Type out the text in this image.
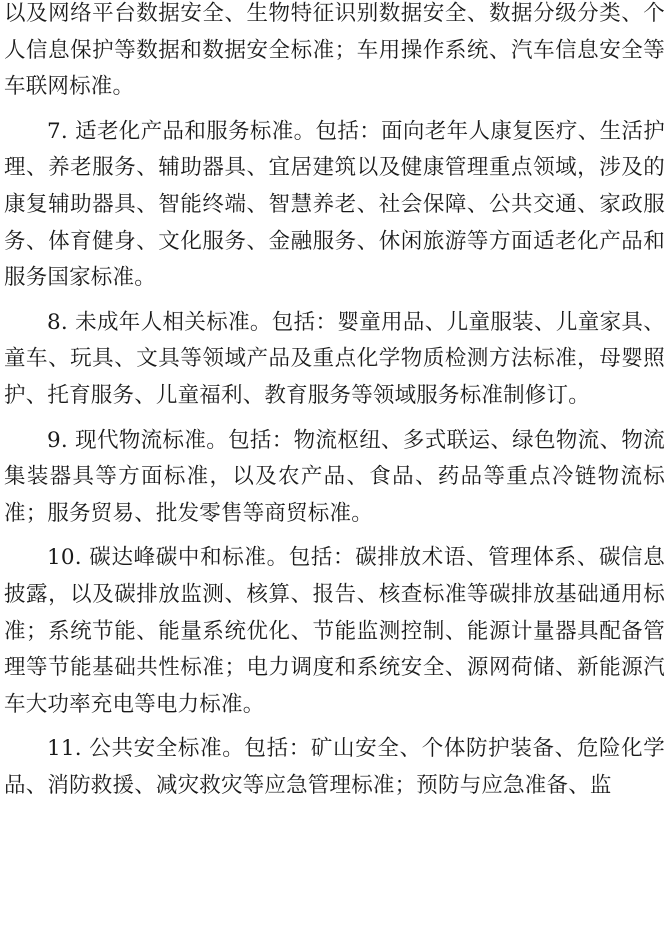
以及网络平台数据安全、生物特征识别数据安全、数据分级分类、个人信息保护等数据和数据安全标准；车用操作系统、汽车信息安全等车联网标准。

7. 适老化产品和服务标准。包括：面向老年人康复医疗、生活护理、养老服务、辅助器具、宜居建筑以及健康管理重点领域，涉及的康复辅助器具、智能终端、智慧养老、社会保障、公共交通、家政服务、体育健身、文化服务、金融服务、休闲旅游等方面适老化产品和服务国家标准。

8. 未成年人相关标准。包括：婴童用品、儿童服装、儿童家具、童车、玩具、文具等领域产品及重点化学物质检测方法标准，母婴照护、托育服务、儿童福利、教育服务等领域服务标准制修订。

9. 现代物流标准。包括：物流枢纽、多式联运、绿色物流、物流集装器具等方面标准，以及农产品、食品、药品等重点冷链物流标准；服务贸易、批发零售等商贸标准。

10. 碳达峰碳中和标准。包括：碳排放术语、管理体系、碳信息披露，以及碳排放监测、核算、报告、核查标准等碳排放基础通用标准；系统节能、能量系统优化、节能监测控制、能源计量器具配备管理等节能基础共性标准；电力调度和系统安全、源网荷储、新能源汽车大功率充电等电力标准。

11. 公共安全标准。包括：矿山安全、个体防护装备、危险化学品、消防救援、减灾救灾等应急管理标准；预防与应急准备、监
